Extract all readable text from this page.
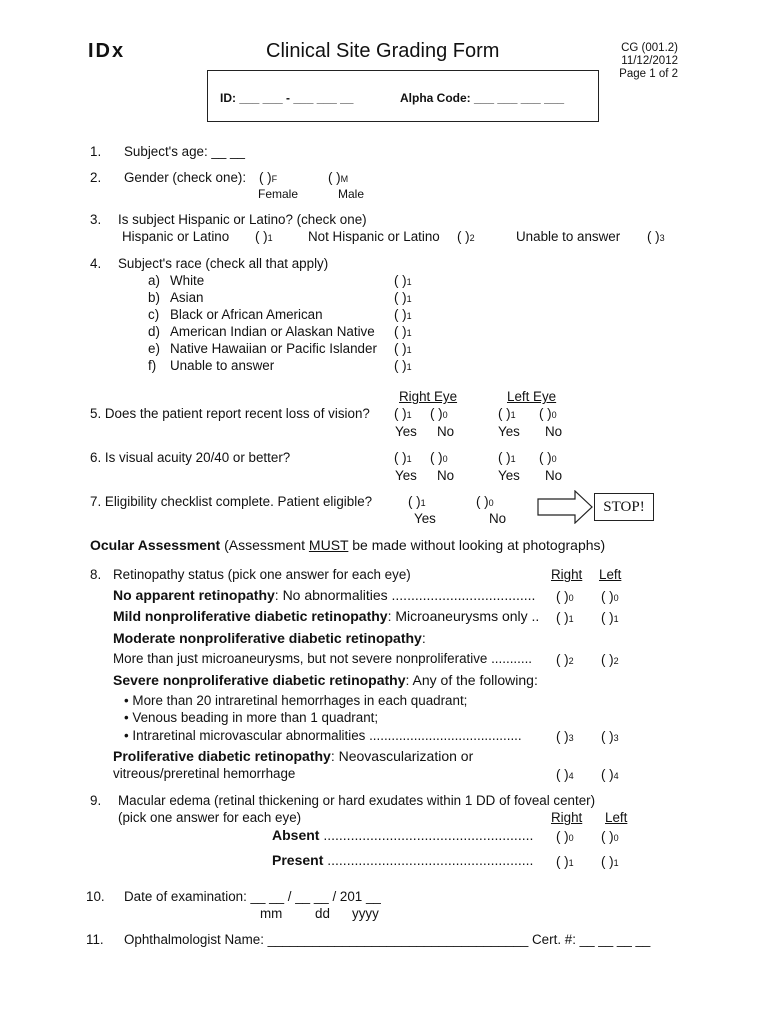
IDx	Clinical Site Grading Form	CG (001.2)
11/12/2012
Page 1 of 2
ID: ___ ___ - ___ ___ __	Alpha Code: ___ ___ ___ ___
1. Subject's age: __ __
2. Gender (check one): ( )F	( )M
Female	Male
3. Is subject Hispanic or Latino? (check one)
Hispanic or Latino ( )1	Not Hispanic or Latino ( )2	Unable to answer ( )3
4. Subject's race (check all that apply)
a) White	( )1
b) Asian	( )1
c) Black or African American	( )1
d) American Indian or Alaskan Native ( )1
e) Native Hawaiian or Pacific Islander ( )1
f) Unable to answer	( )1
Right Eye	Left Eye
5. Does the patient report recent loss of vision? ( )1 ( )0	( )1 ( )0
Yes No	Yes No
6. Is visual acuity 20/40 or better?	( )1 ( )0	( )1 ( )0
Yes No	Yes No
7. Eligibility checklist complete. Patient eligible?	( )1	( )0
Yes	No
STOP!
Ocular Assessment (Assessment MUST be made without looking at photographs)
8. Retinopathy status (pick one answer for each eye)	Right Left
No apparent retinopathy: No abnormalities ..................................... ( )0 ( )0
Mild nonproliferative diabetic retinopathy: Microaneurysms only .. ( )1 ( )1
Moderate nonproliferative diabetic retinopathy:
More than just microaneurysms, but not severe nonproliferative ........... ( )2 ( )2
Severe nonproliferative diabetic retinopathy: Any of the following:
• More than 20 intraretinal hemorrhages in each quadrant;
• Venous beading in more than 1 quadrant;
• Intraretinal microvascular abnormalities .........................................	( )3 ( )3
Proliferative diabetic retinopathy: Neovascularization or
vitreous/preretinal hemorrhage	( )4 ( )4
9. Macular edema (retinal thickening or hard exudates within 1 DD of foveal center)
(pick one answer for each eye)	Right Left
Absent ...................................................... ( )0 ( )0
Present ..................................................... ( )1 ( )1
10. Date of examination: __ __ / __ __ / 201 __
mm dd yyyy
11. Ophthalmologist Name: ___________________________________ Cert. #: __ __ __ __
